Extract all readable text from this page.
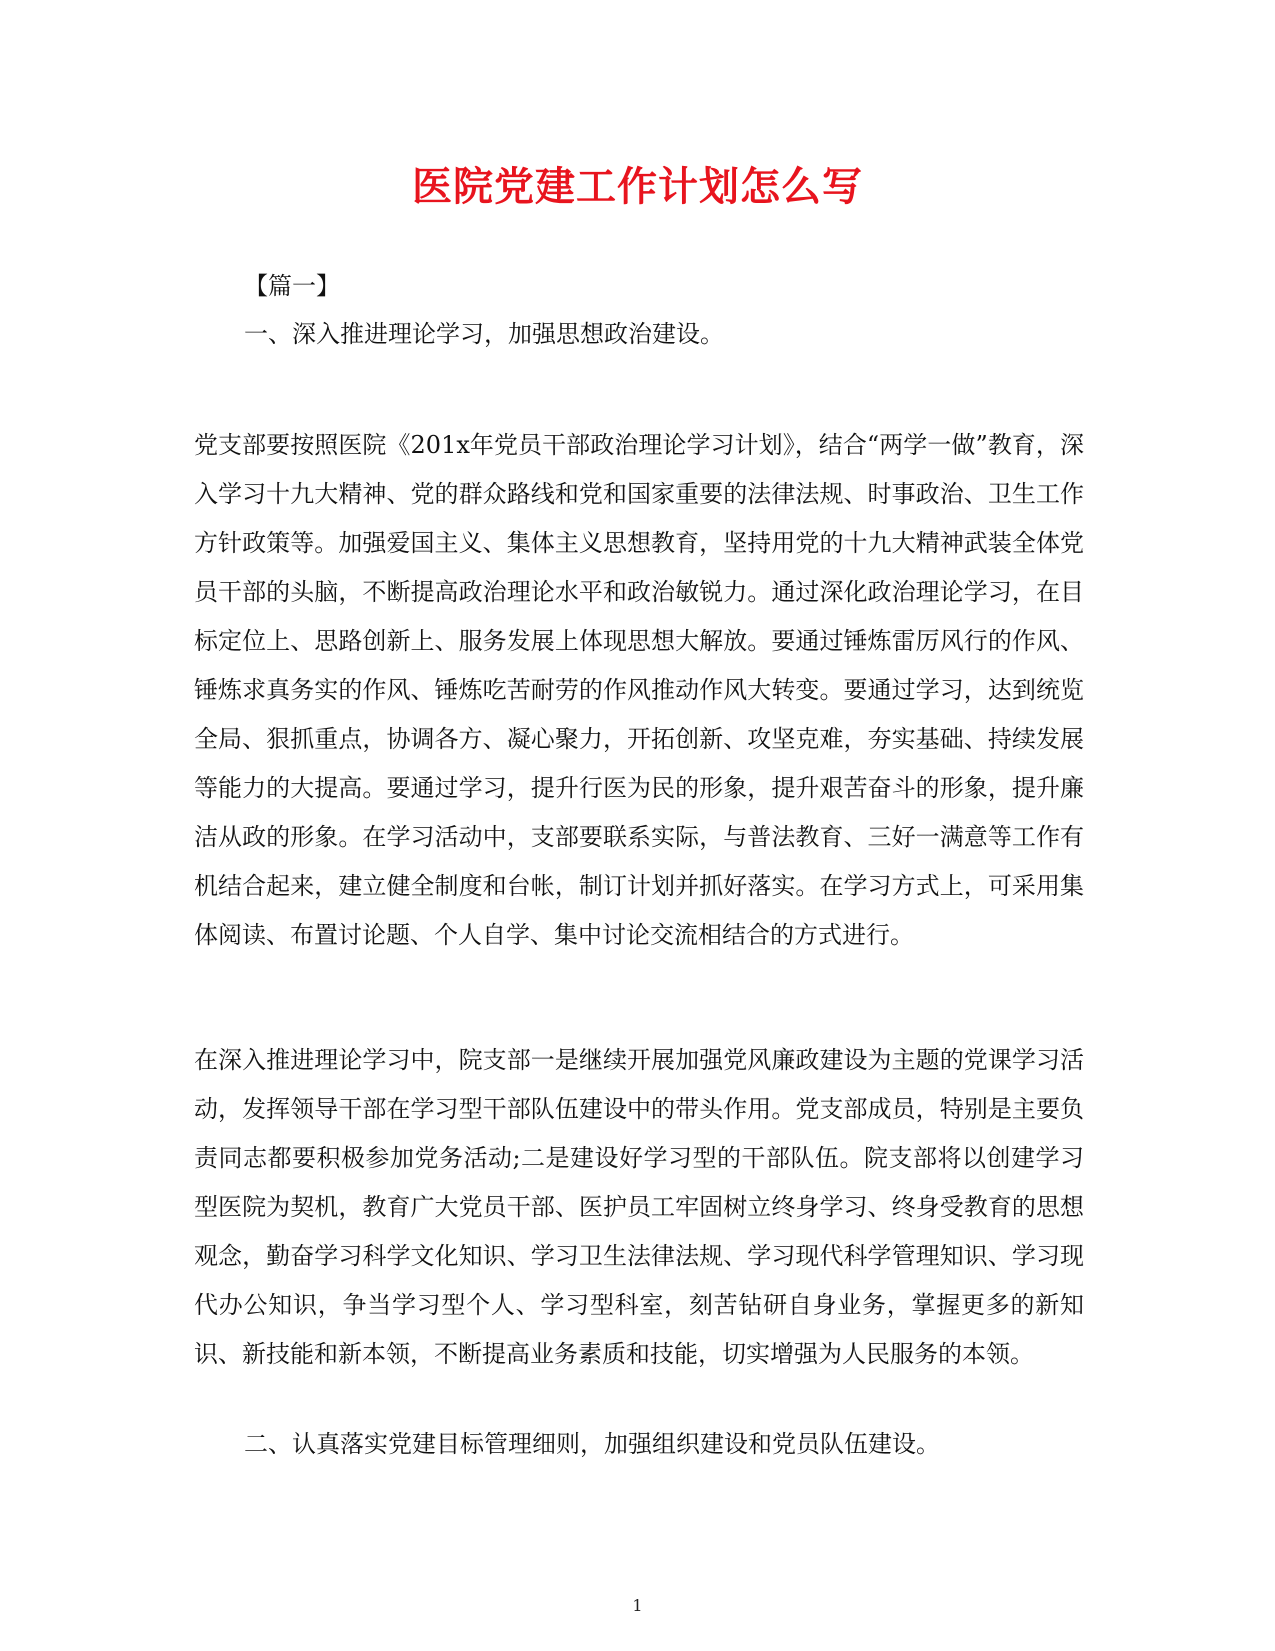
医院党建工作计划怎么写
【篇一】
一、深入推进理论学习，加强思想政治建设。
党支部要按照医院《201x年党员干部政治理论学习计划》，结合“两学一做”教育，深入学习十九大精神、党的群众路线和党和国家重要的法律法规、时事政治、卫生工作方针政策等。加强爱国主义、集体主义思想教育，坚持用党的十九大精神武装全体党员干部的头脑，不断提高政治理论水平和政治敏锐力。通过深化政治理论学习，在目标定位上、思路创新上、服务发展上体现思想大解放。要通过锤炼雷厉风行的作风、锤炼求真务实的作风、锤炼吃苦耐劳的作风推动作风大转变。要通过学习，达到统览全局、狠抓重点，协调各方、凝心聚力，开拓创新、攻坚克难，夯实基础、持续发展等能力的大提高。要通过学习，提升行医为民的形象，提升艰苦奋斗的形象，提升廉洁从政的形象。在学习活动中，支部要联系实际，与普法教育、三好一满意等工作有机结合起来，建立健全制度和台帐，制订计划并抓好落实。在学习方式上，可采用集体阅读、布置讨论题、个人自学、集中讨论交流相结合的方式进行。
在深入推进理论学习中，院支部一是继续开展加强党风廉政建设为主题的党课学习活动，发挥领导干部在学习型干部队伍建设中的带头作用。党支部成员，特别是主要负责同志都要积极参加党务活动;二是建设好学习型的干部队伍。院支部将以创建学习型医院为契机，教育广大党员干部、医护员工牢固树立终身学习、终身受教育的思想观念，勤奋学习科学文化知识、学习卫生法律法规、学习现代科学管理知识、学习现代办公知识，争当学习型个人、学习型科室，刻苦钻研自身业务，掌握更多的新知识、新技能和新本领，不断提高业务素质和技能，切实增强为人民服务的本领。
二、认真落实党建目标管理细则，加强组织建设和党员队伍建设。
1
